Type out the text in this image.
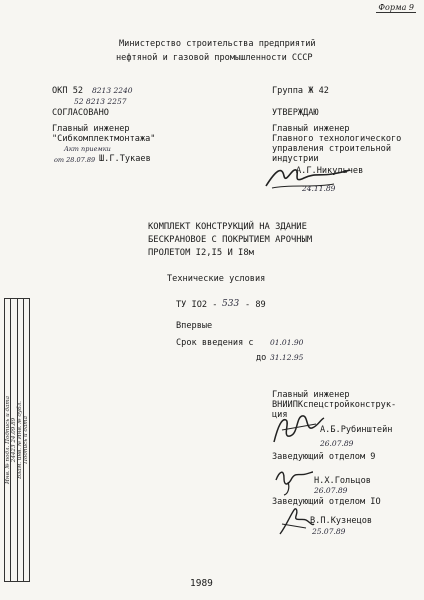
Форма 9
Министерство строительства предприятий
нефтяной и газовой промышленности СССР
ОКП 52 8213 2240
52 8213 2257
Группа Ж 42
СОГЛАСОВАНО
Главный инженер
"Сибкомплектмонтажа"
Акт приемки
от 28.07.89 Ш.Г.Тукаев
УТВЕРЖДАЮ
Главный инженер
Главного технологического
управления строительной
индустрии
А.Г.Никульчев
24.11.89
КОМПЛЕКТ КОНСТРУКЦИЙ НА ЗДАНИЕ
БЕСКРАНОВОЕ С ПОКРЫТИЕМ АРОЧНЫМ
ПРОЛЕТОМ I2,I5 И I8м
Технические условия
ТУ IO2 - 533 - 89
Впервые
Срок введения с 01.01.90
до 31.12.95
Главный инженер
ВНИИПКспецстройконструк-
ция
А.Б.Рубинштейн
26.07.89
Заведующий отделом 9
Н.Х.Гольцов
26.07.89
Заведующий отделом IO
В.П.Кузнецов
25.07.89
1989
Инв. № подл. Подпись и дата 24423 24.09.89 Взам. инв. № Инв. № дубл. Подпись и дата
